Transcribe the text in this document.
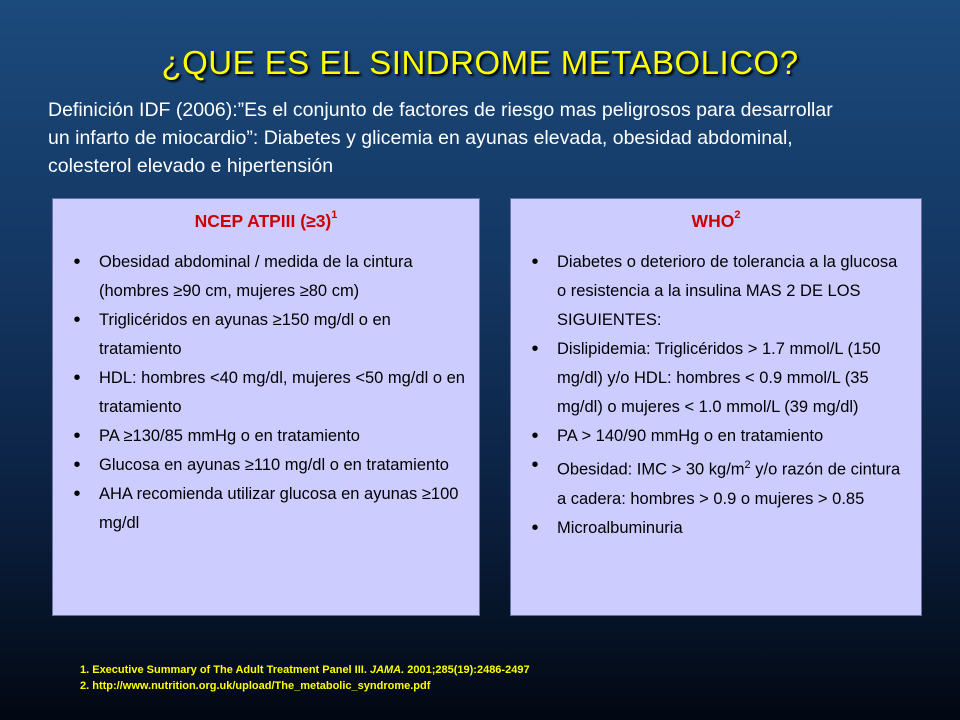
¿QUE ES EL SINDROME METABOLICO?
Definición IDF (2006):”Es el conjunto de factores de riesgo mas peligrosos para desarrollar un infarto de miocardio”: Diabetes y glicemia en ayunas elevada, obesidad abdominal, colesterol elevado e hipertensión
NCEP ATPIII (≥3)$^1$
•
Obesidad abdominal / medida de la cintura (hombres ≥90 cm, mujeres ≥80 cm)
•
Triglicéridos en ayunas ≥150 mg/dl o en tratamiento
•
HDL: hombres <40 mg/dl, mujeres <50 mg/dl o en tratamiento
•
PA ≥130/85 mmHg o en tratamiento
•
Glucosa en ayunas ≥110 mg/dl o en tratamiento
•
AHA recomienda utilizar glucosa en ayunas ≥100 mg/dl
WHO$^2$
•
Diabetes o deterioro de tolerancia a la glucosa o resistencia a la insulina MAS 2 DE LOS SIGUIENTES:
•
Dislipidemia: Triglicéridos > 1.7 mmol/L (150 mg/dl) y/o HDL: hombres < 0.9 mmol/L (35 mg/dl) o mujeres < 1.0 mmol/L (39 mg/dl)
•
PA > 140/90 mmHg o en tratamiento
•
Obesidad: IMC > 30 $kg/m^2$ y/o razón de cintura a cadera: hombres > 0.9 o mujeres > 0.85
•
Microalbuminuria
1. Executive Summary of The Adult Treatment Panel III. JAMA. 2001;285(19):2486-2497
2. http://www.nutrition.org.uk/upload/The_metabolic_syndrome.pdf
